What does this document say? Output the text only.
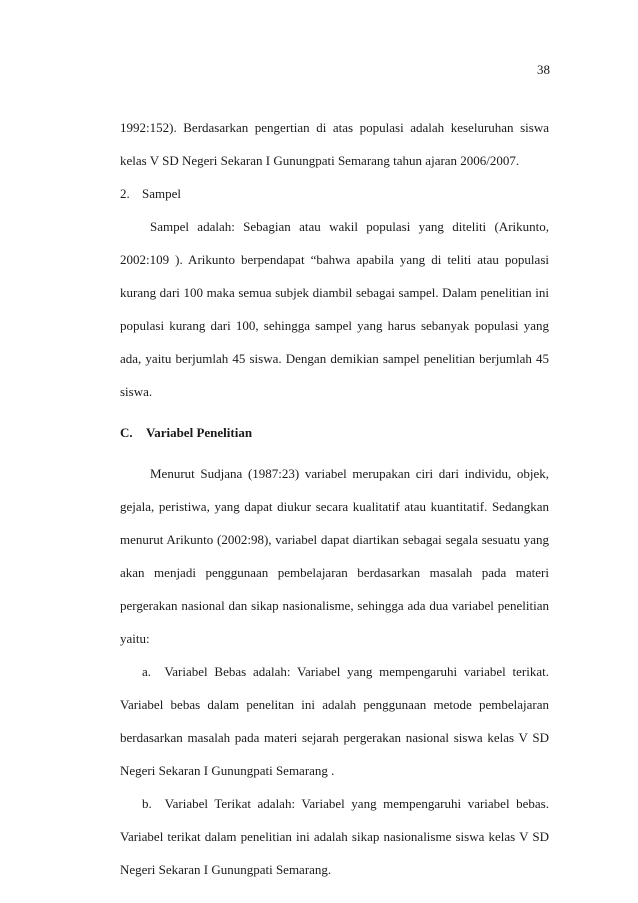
38
1992:152). Berdasarkan pengertian di atas populasi adalah keseluruhan siswa
kelas V SD Negeri Sekaran I Gunungpati Semarang tahun ajaran 2006/2007.
2. Sampel
Sampel adalah: Sebagian atau wakil populasi yang diteliti (Arikunto,
2002:109 ). Arikunto berpendapat “bahwa apabila yang di teliti atau populasi
kurang dari 100 maka semua subjek diambil sebagai sampel. Dalam penelitian ini
populasi kurang dari 100, sehingga sampel yang harus sebanyak populasi yang
ada, yaitu berjumlah 45 siswa. Dengan demikian sampel penelitian berjumlah 45
siswa.
C. Variabel Penelitian
Menurut Sudjana (1987:23) variabel merupakan ciri dari individu, objek,
gejala, peristiwa, yang dapat diukur secara kualitatif atau kuantitatif. Sedangkan
menurut Arikunto (2002:98), variabel dapat diartikan sebagai segala sesuatu yang
akan menjadi penggunaan pembelajaran berdasarkan masalah pada materi
pergerakan nasional dan sikap nasionalisme, sehingga ada dua variabel penelitian
yaitu:
a. Variabel Bebas adalah: Variabel yang mempengaruhi variabel terikat.
Variabel bebas dalam penelitan ini adalah penggunaan metode pembelajaran
berdasarkan masalah pada materi sejarah pergerakan nasional siswa kelas V SD
Negeri Sekaran I Gunungpati Semarang .
b. Variabel Terikat adalah: Variabel yang mempengaruhi variabel bebas.
Variabel terikat dalam penelitian ini adalah sikap nasionalisme siswa kelas V SD
Negeri Sekaran I Gunungpati Semarang.
